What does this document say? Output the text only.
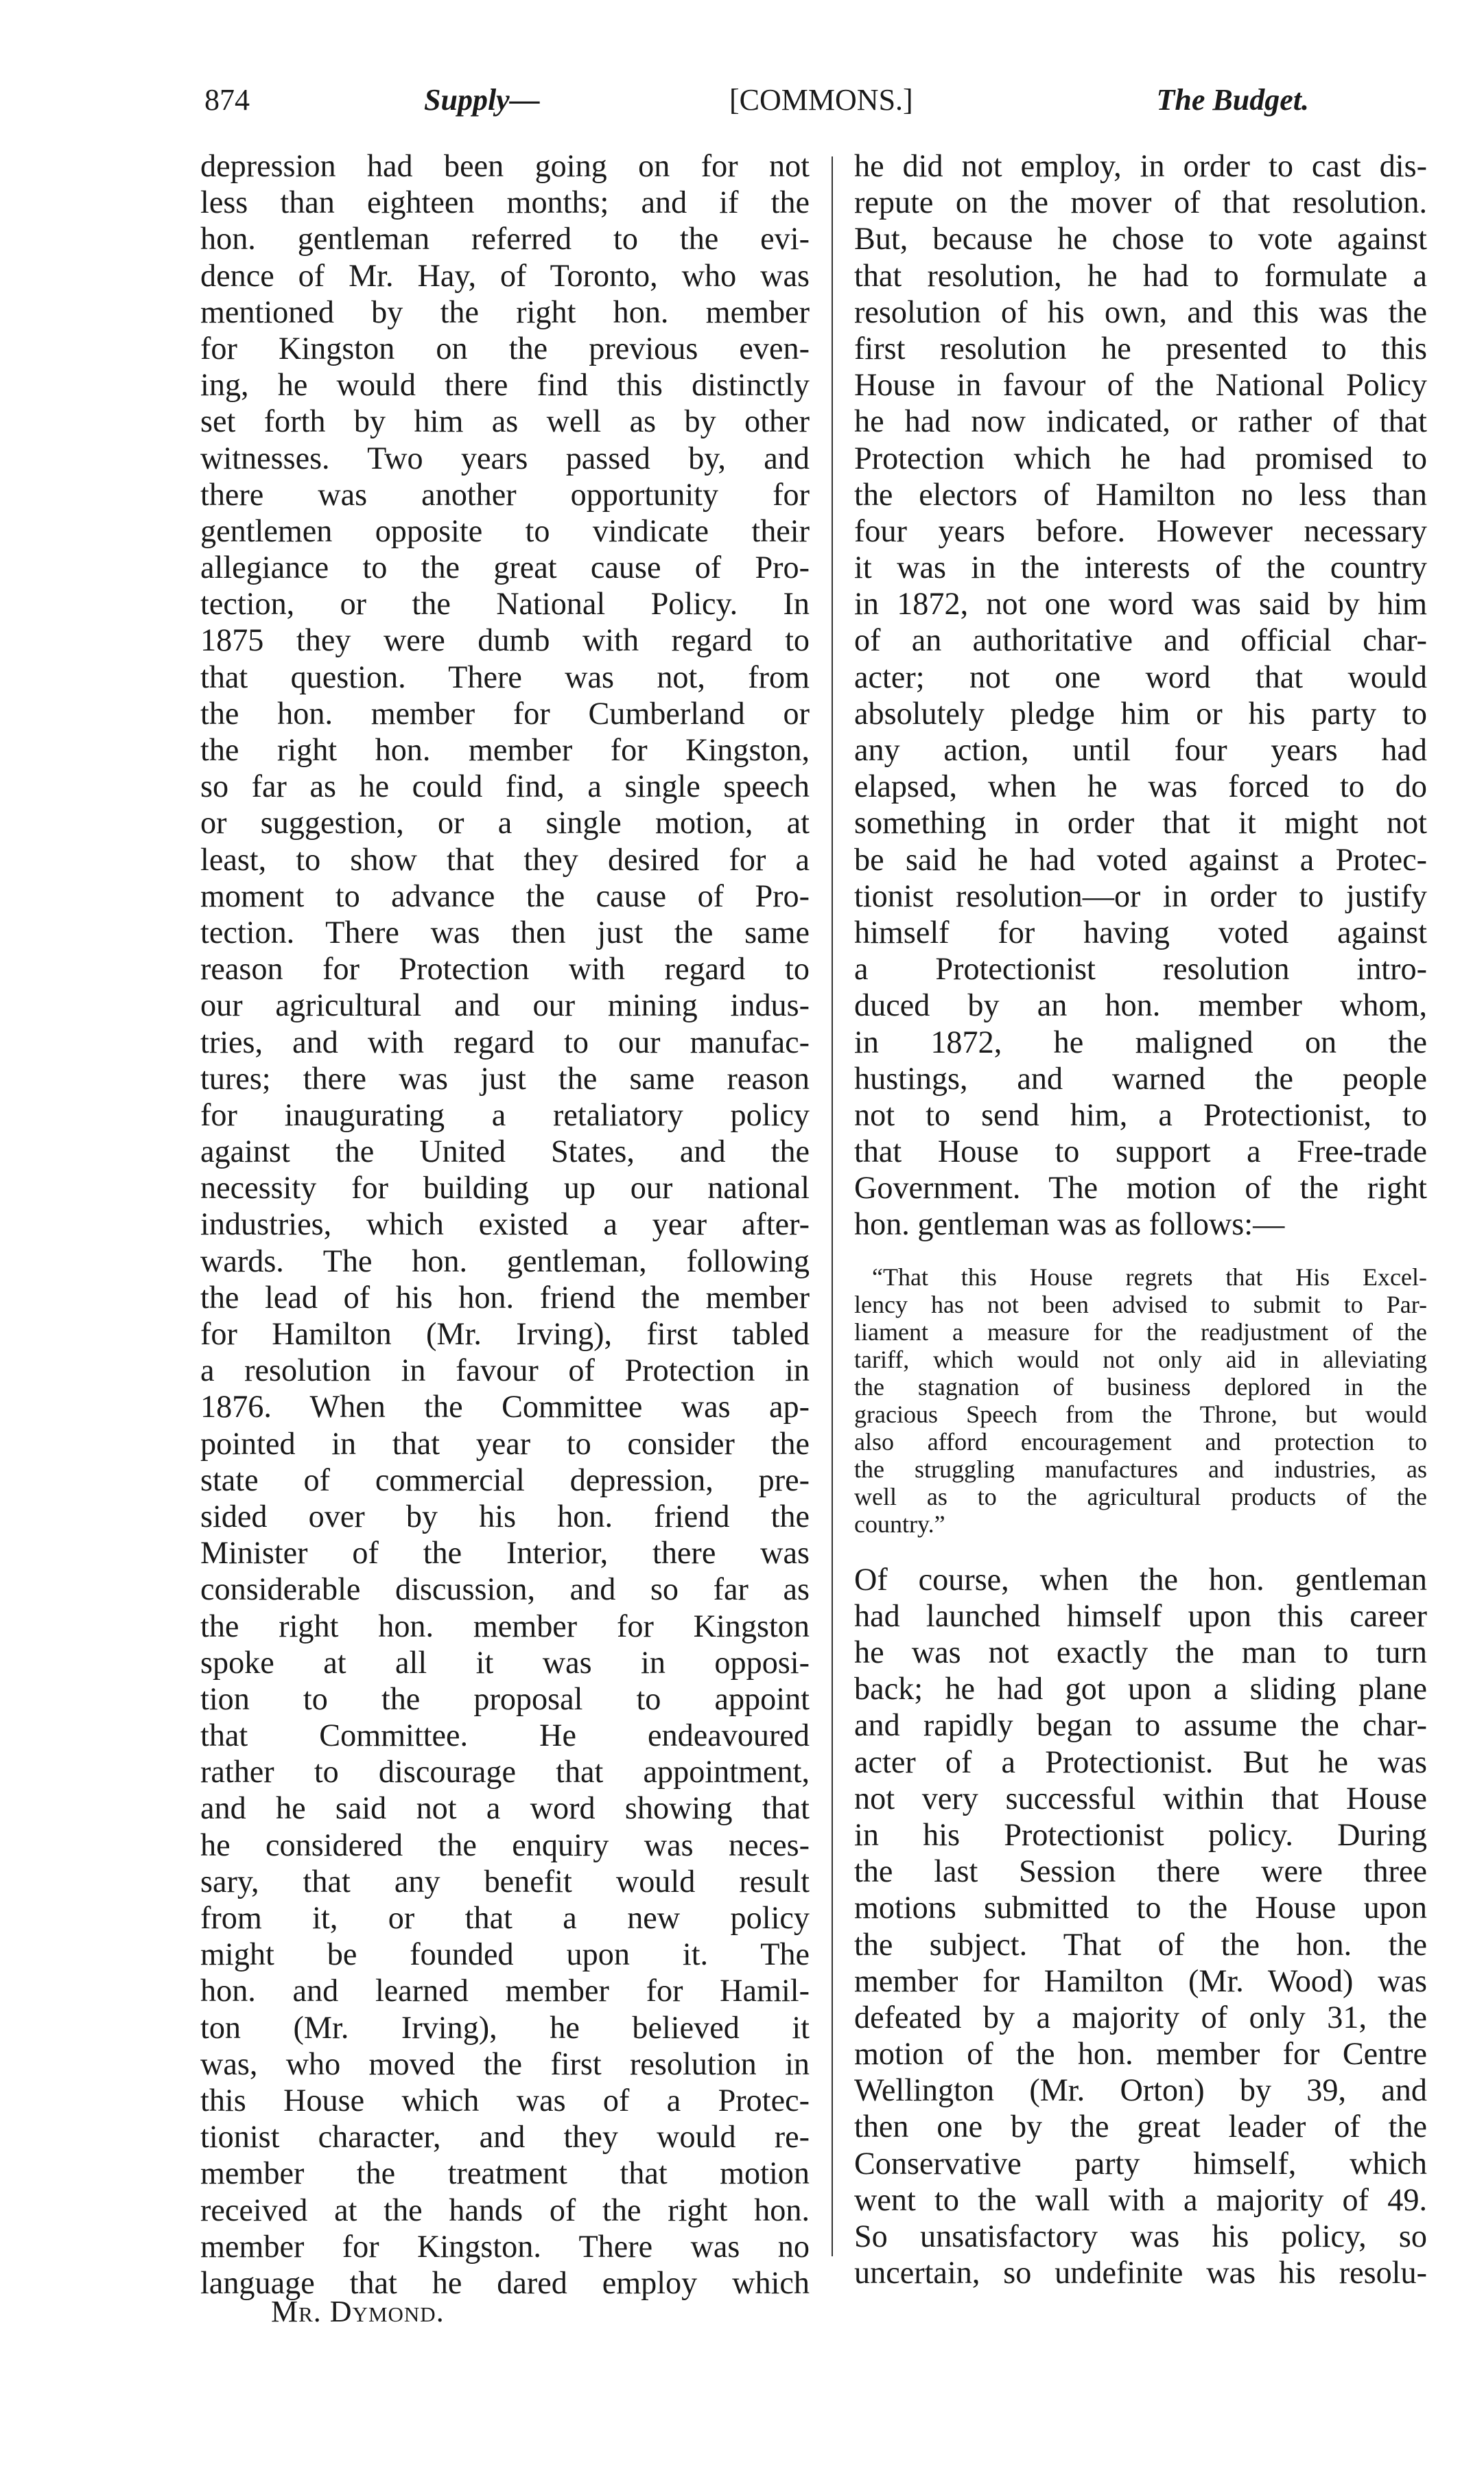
874	Supply—	[COMMONS.]	The Budget.
depression had been going on for not
less than eighteen months; and if the
hon. gentleman referred to the evi-
dence of Mr. Hay, of Toronto, who was
mentioned by the right hon. member
for Kingston on the previous even-
ing, he would there find this distinctly
set forth by him as well as by other
witnesses. Two years passed by, and
there was another opportunity for
gentlemen opposite to vindicate their
allegiance to the great cause of Pro-
tection, or the National Policy. In
1875 they were dumb with regard to
that question. There was not, from
the hon. member for Cumberland or
the right hon. member for Kingston,
so far as he could find, a single speech
or suggestion, or a single motion, at
least, to show that they desired for a
moment to advance the cause of Pro-
tection. There was then just the same
reason for Protection with regard to
our agricultural and our mining indus-
tries, and with regard to our manufac-
tures; there was just the same reason
for inaugurating a retaliatory policy
against the United States, and the
necessity for building up our national
industries, which existed a year after-
wards. The hon. gentleman, following
the lead of his hon. friend the member
for Hamilton (Mr. Irving), first tabled
a resolution in favour of Protection in
1876. When the Committee was ap-
pointed in that year to consider the
state of commercial depression, pre-
sided over by his hon. friend the
Minister of the Interior, there was
considerable discussion, and so far as
the right hon. member for Kingston
spoke at all it was in opposi-
tion to the proposal to appoint
that Committee. He endeavoured
rather to discourage that appointment,
and he said not a word showing that
he considered the enquiry was neces-
sary, that any benefit would result
from it, or that a new policy
might be founded upon it. The
hon. and learned member for Hamil-
ton (Mr. Irving), he believed it
was, who moved the first resolution in
this House which was of a Protec-
tionist character, and they would re-
member the treatment that motion
received at the hands of the right hon.
member for Kingston. There was no
language that he dared employ which
he did not employ, in order to cast dis-
repute on the mover of that resolution.
But, because he chose to vote against
that resolution, he had to formulate a
resolution of his own, and this was the
first resolution he presented to this
House in favour of the National Policy
he had now indicated, or rather of that
Protection which he had promised to
the electors of Hamilton no less than
four years before. However necessary
it was in the interests of the country
in 1872, not one word was said by him
of an authoritative and official char-
acter; not one word that would
absolutely pledge him or his party to
any action, until four years had
elapsed, when he was forced to do
something in order that it might not
be said he had voted against a Protec-
tionist resolution—or in order to justify
himself for having voted against
a Protectionist resolution intro-
duced by an hon. member whom,
in 1872, he maligned on the
hustings, and warned the people
not to send him, a Protectionist, to
that House to support a Free-trade
Government. The motion of the right
hon. gentleman was as follows:—
“That this House regrets that His Excel-
lency has not been advised to submit to Par-
liament a measure for the readjustment of the
tariff, which would not only aid in alleviating
the stagnation of business deplored in the
gracious Speech from the Throne, but would
also afford encouragement and protection to
the struggling manufactures and industries, as
well as to the agricultural products of the
country.”
Of course, when the hon. gentleman
had launched himself upon this career
he was not exactly the man to turn
back; he had got upon a sliding plane
and rapidly began to assume the char-
acter of a Protectionist. But he was
not very successful within that House
in his Protectionist policy. During
the last Session there were three
motions submitted to the House upon
the subject. That of the hon. the
member for Hamilton (Mr. Wood) was
defeated by a majority of only 31, the
motion of the hon. member for Centre
Wellington (Mr. Orton) by 39, and
then one by the great leader of the
Conservative party himself, which
went to the wall with a majority of 49.
So unsatisfactory was his policy, so
uncertain, so undefinite was his resolu-
Mr. Dymond.
